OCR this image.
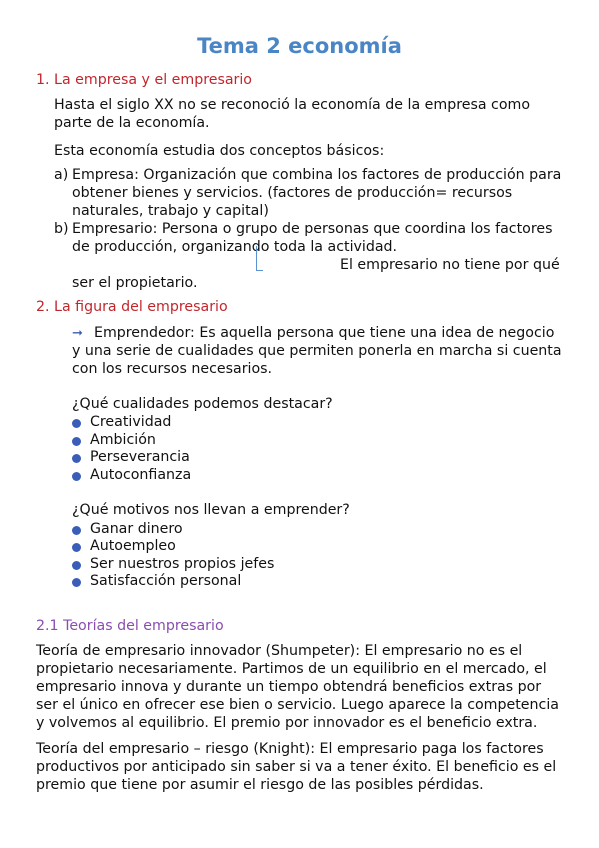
Tema 2 economía
1. La empresa y el empresario
Hasta el siglo XX no se reconoció la economía de la empresa como
parte de la economía.
Esta economía estudia dos conceptos básicos:
a) Empresa: Organización que combina los factores de producción para
obtener bienes y servicios. (factores de producción= recursos
naturales, trabajo y capital)
b) Empresario: Persona o grupo de personas que coordina los factores
de producción, organizando toda la actividad.
El empresario no tiene por qué
ser el propietario.
2. La figura del empresario
➞ Emprendedor: Es aquella persona que tiene una idea de negocio
y una serie de cualidades que permiten ponerla en marcha si cuenta
con los recursos necesarios.
¿Qué cualidades podemos destacar?
Creatividad
Ambición
Perseverancia
Autoconfianza
¿Qué motivos nos llevan a emprender?
Ganar dinero
Autoempleo
Ser nuestros propios jefes
Satisfacción personal
2.1 Teorías del empresario
Teoría de empresario innovador (Shumpeter): El empresario no es el
propietario necesariamente. Partimos de un equilibrio en el mercado, el
empresario innova y durante un tiempo obtendrá beneficios extras por
ser el único en ofrecer ese bien o servicio. Luego aparece la competencia
y volvemos al equilibrio. El premio por innovador es el beneficio extra.
Teoría del empresario – riesgo (Knight): El empresario paga los factores
productivos por anticipado sin saber si va a tener éxito. El beneficio es el
premio que tiene por asumir el riesgo de las posibles pérdidas.
